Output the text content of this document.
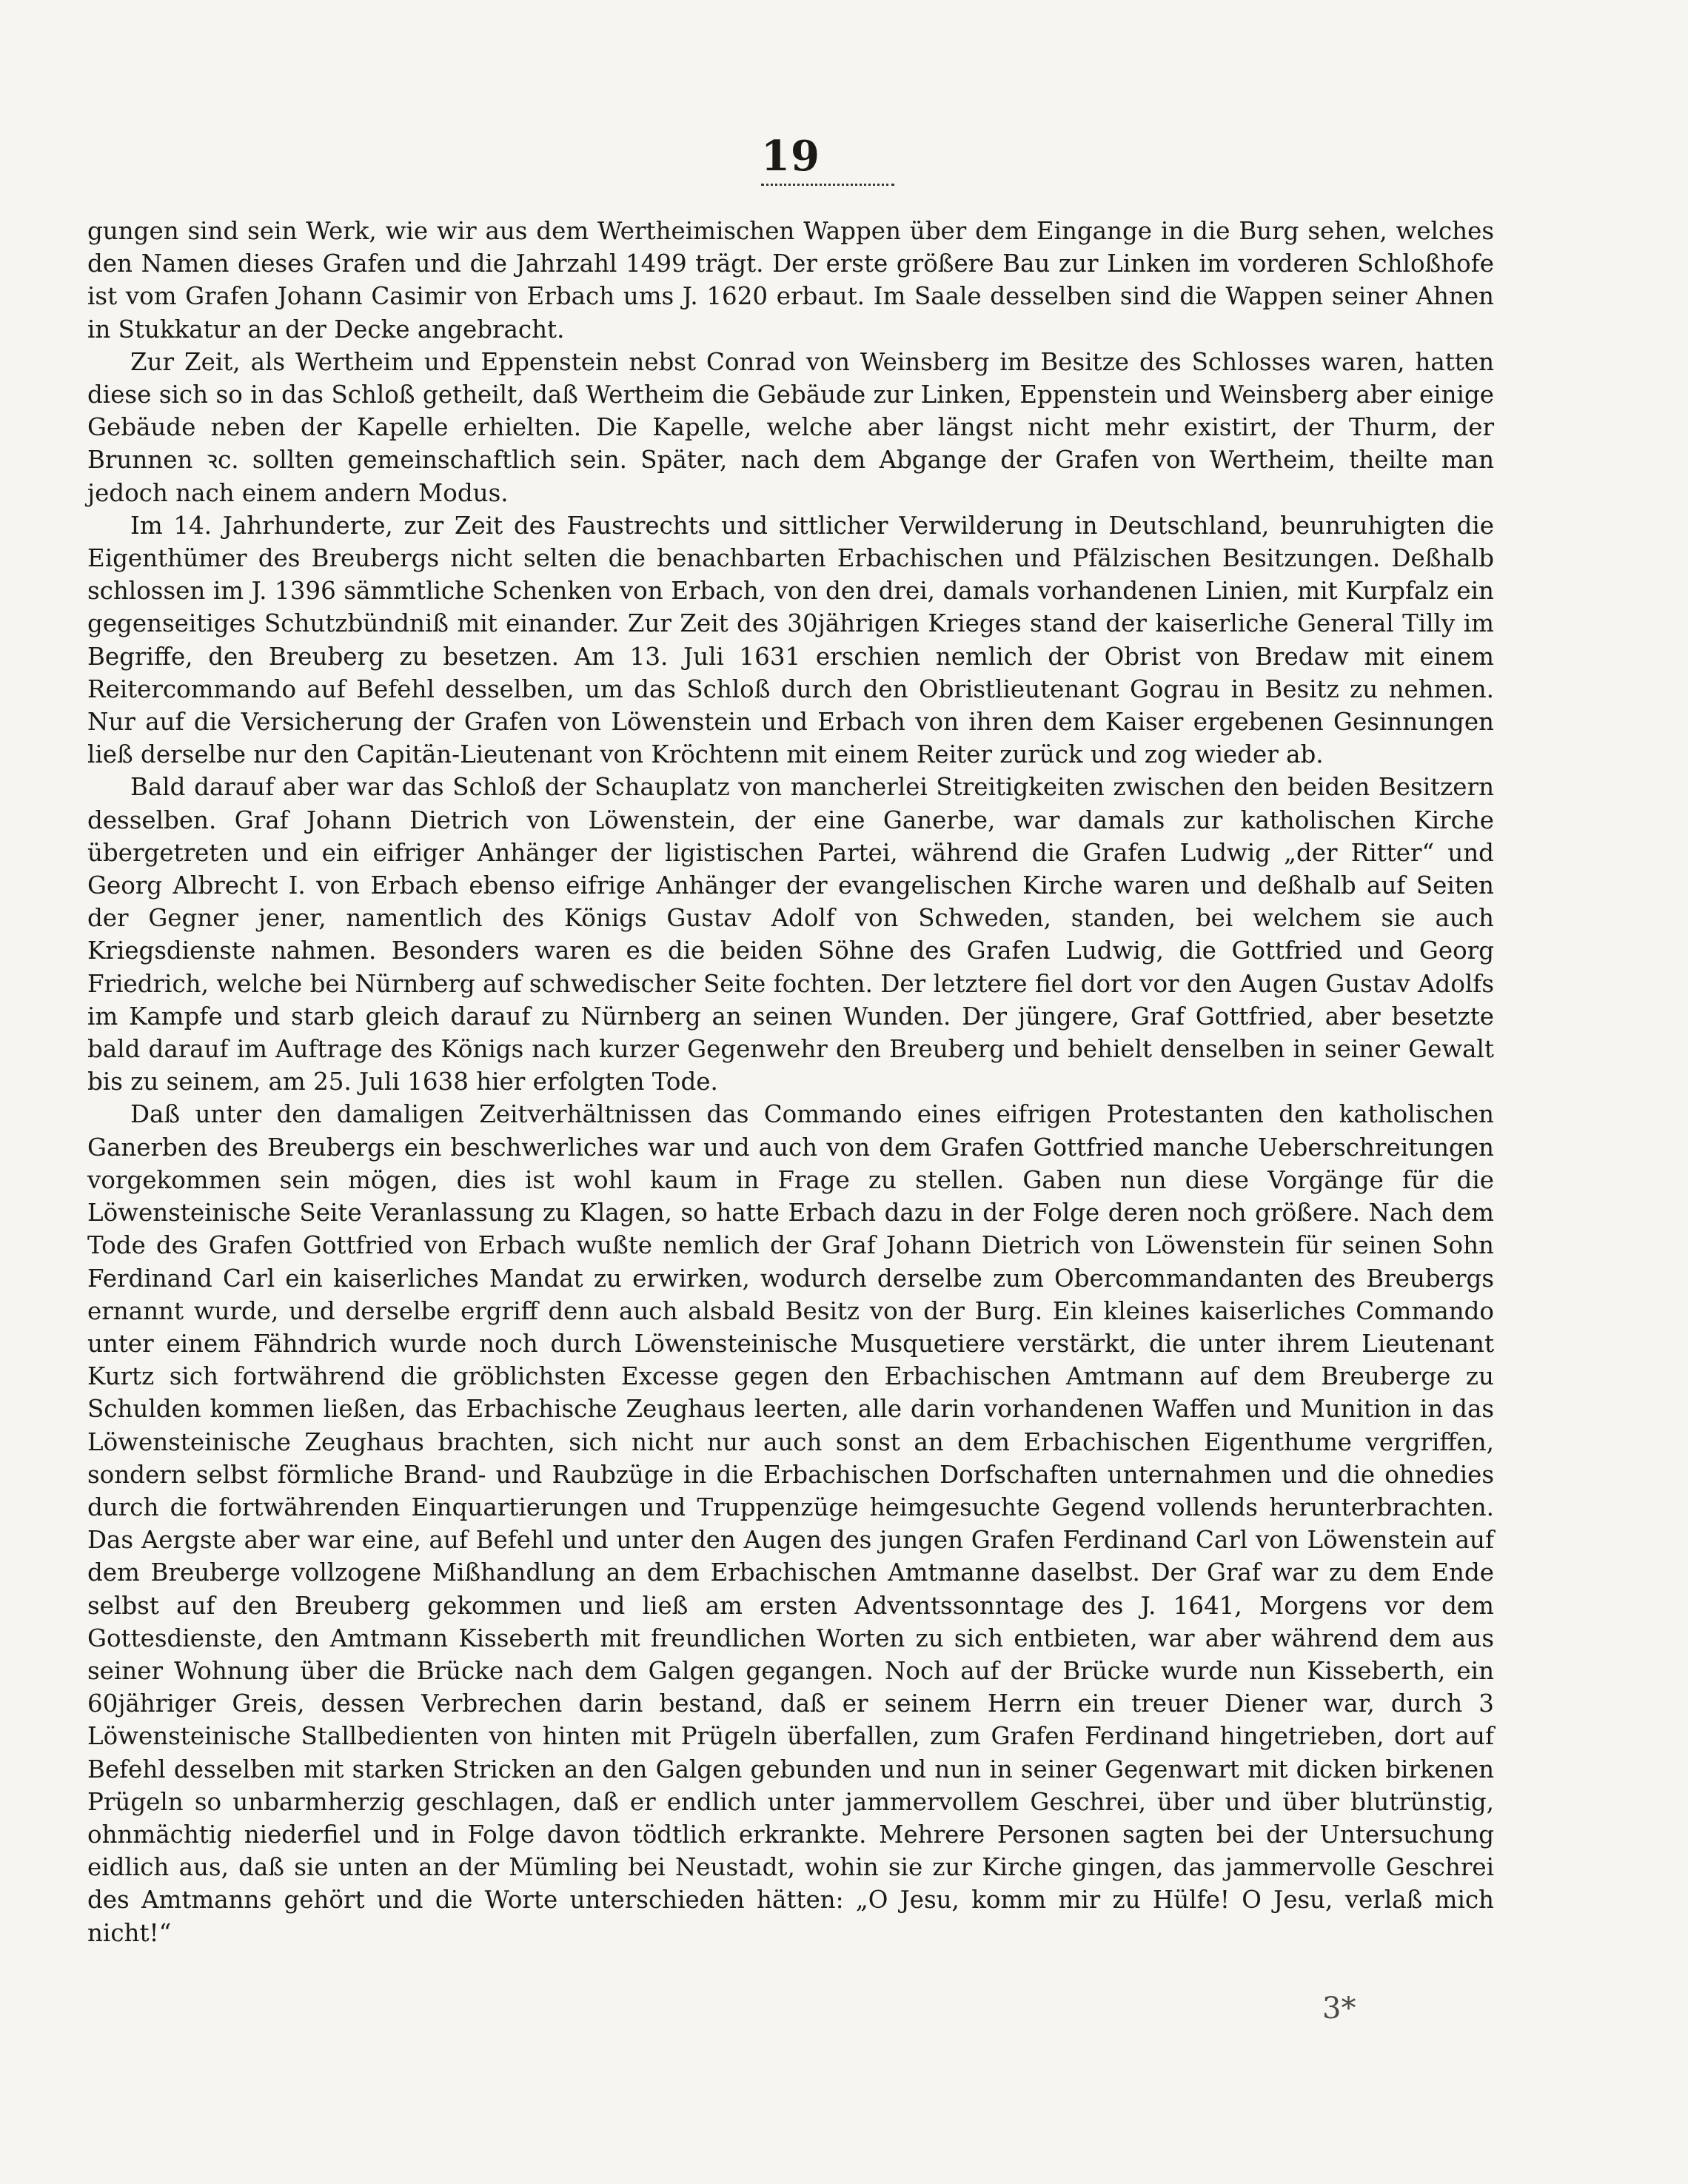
19

gungen sind sein Werk, wie wir aus dem Wertheimischen Wappen über dem Eingange in die Burg sehen, welches den Namen dieses Grafen und die Jahrzahl 1499 trägt. Der erste größere Bau zur Linken im vorderen Schloßhofe ist vom Grafen Johann Casimir von Erbach ums J. 1620 erbaut. Im Saale desselben sind die Wappen seiner Ahnen in Stukkatur an der Decke angebracht.

Zur Zeit, als Wertheim und Eppenstein nebst Conrad von Weinsberg im Besitze des Schlosses waren, hatten diese sich so in das Schloß getheilt, daß Wertheim die Gebäude zur Linken, Eppenstein und Weinsberg aber einige Gebäude neben der Kapelle erhielten. Die Kapelle, welche aber längst nicht mehr existirt, der Thurm, der Brunnen ꝛc. sollten gemeinschaftlich sein. Später, nach dem Abgange der Grafen von Wertheim, theilte man jedoch nach einem andern Modus.

Im 14. Jahrhunderte, zur Zeit des Faustrechts und sittlicher Verwilderung in Deutschland, beunruhigten die Eigenthümer des Breubergs nicht selten die benachbarten Erbachischen und Pfälzischen Besitzungen. Deßhalb schlossen im J. 1396 sämmtliche Schenken von Erbach, von den drei, damals vorhandenen Linien, mit Kurpfalz ein gegenseitiges Schutzbündniß mit einander. Zur Zeit des 30jährigen Krieges stand der kaiserliche General Tilly im Begriffe, den Breuberg zu besetzen. Am 13. Juli 1631 erschien nemlich der Obrist von Bredaw mit einem Reitercommando auf Befehl desselben, um das Schloß durch den Obristlieutenant Gograu in Besitz zu nehmen. Nur auf die Versicherung der Grafen von Löwenstein und Erbach von ihren dem Kaiser ergebenen Gesinnungen ließ derselbe nur den Capitän-Lieutenant von Kröchtenn mit einem Reiter zurück und zog wieder ab.

Bald darauf aber war das Schloß der Schauplatz von mancherlei Streitigkeiten zwischen den beiden Besitzern desselben. Graf Johann Dietrich von Löwenstein, der eine Ganerbe, war damals zur katholischen Kirche übergetreten und ein eifriger Anhänger der ligistischen Partei, während die Grafen Ludwig „der Ritter“ und Georg Albrecht I. von Erbach ebenso eifrige Anhänger der evangelischen Kirche waren und deßhalb auf Seiten der Gegner jener, namentlich des Königs Gustav Adolf von Schweden, standen, bei welchem sie auch Kriegsdienste nahmen. Besonders waren es die beiden Söhne des Grafen Ludwig, die Gottfried und Georg Friedrich, welche bei Nürnberg auf schwedischer Seite fochten. Der letztere fiel dort vor den Augen Gustav Adolfs im Kampfe und starb gleich darauf zu Nürnberg an seinen Wunden. Der jüngere, Graf Gottfried, aber besetzte bald darauf im Auftrage des Königs nach kurzer Gegenwehr den Breuberg und behielt denselben in seiner Gewalt bis zu seinem, am 25. Juli 1638 hier erfolgten Tode.

Daß unter den damaligen Zeitverhältnissen das Commando eines eifrigen Protestanten den katholischen Ganerben des Breubergs ein beschwerliches war und auch von dem Grafen Gottfried manche Ueberschreitungen vorgekommen sein mögen, dies ist wohl kaum in Frage zu stellen. Gaben nun diese Vorgänge für die Löwensteinische Seite Veranlassung zu Klagen, so hatte Erbach dazu in der Folge deren noch größere. Nach dem Tode des Grafen Gottfried von Erbach wußte nemlich der Graf Johann Dietrich von Löwenstein für seinen Sohn Ferdinand Carl ein kaiserliches Mandat zu erwirken, wodurch derselbe zum Obercommandanten des Breubergs ernannt wurde, und derselbe ergriff denn auch alsbald Besitz von der Burg. Ein kleines kaiserliches Commando unter einem Fähndrich wurde noch durch Löwensteinische Musquetiere verstärkt, die unter ihrem Lieutenant Kurtz sich fortwährend die gröblichsten Excesse gegen den Erbachischen Amtmann auf dem Breuberge zu Schulden kommen ließen, das Erbachische Zeughaus leerten, alle darin vorhandenen Waffen und Munition in das Löwensteinische Zeughaus brachten, sich nicht nur auch sonst an dem Erbachischen Eigenthume vergriffen, sondern selbst förmliche Brand- und Raubzüge in die Erbachischen Dorfschaften unternahmen und die ohnedies durch die fortwährenden Einquartierungen und Truppenzüge heimgesuchte Gegend vollends herunterbrachten. Das Aergste aber war eine, auf Befehl und unter den Augen des jungen Grafen Ferdinand Carl von Löwenstein auf dem Breuberge vollzogene Mißhandlung an dem Erbachischen Amtmanne daselbst. Der Graf war zu dem Ende selbst auf den Breuberg gekommen und ließ am ersten Adventssonntage des J. 1641, Morgens vor dem Gottesdienste, den Amtmann Kisseberth mit freundlichen Worten zu sich entbieten, war aber während dem aus seiner Wohnung über die Brücke nach dem Galgen gegangen. Noch auf der Brücke wurde nun Kisseberth, ein 60jähriger Greis, dessen Verbrechen darin bestand, daß er seinem Herrn ein treuer Diener war, durch 3 Löwensteinische Stallbedienten von hinten mit Prügeln überfallen, zum Grafen Ferdinand hingetrieben, dort auf Befehl desselben mit starken Stricken an den Galgen gebunden und nun in seiner Gegenwart mit dicken birkenen Prügeln so unbarmherzig geschlagen, daß er endlich unter jammervollem Geschrei, über und über blutrünstig, ohnmächtig niederfiel und in Folge davon tödtlich erkrankte. Mehrere Personen sagten bei der Untersuchung eidlich aus, daß sie unten an der Mümling bei Neustadt, wohin sie zur Kirche gingen, das jammervolle Geschrei des Amtmanns gehört und die Worte unterschieden hätten: „O Jesu, komm mir zu Hülfe! O Jesu, verlaß mich nicht!“

3*
